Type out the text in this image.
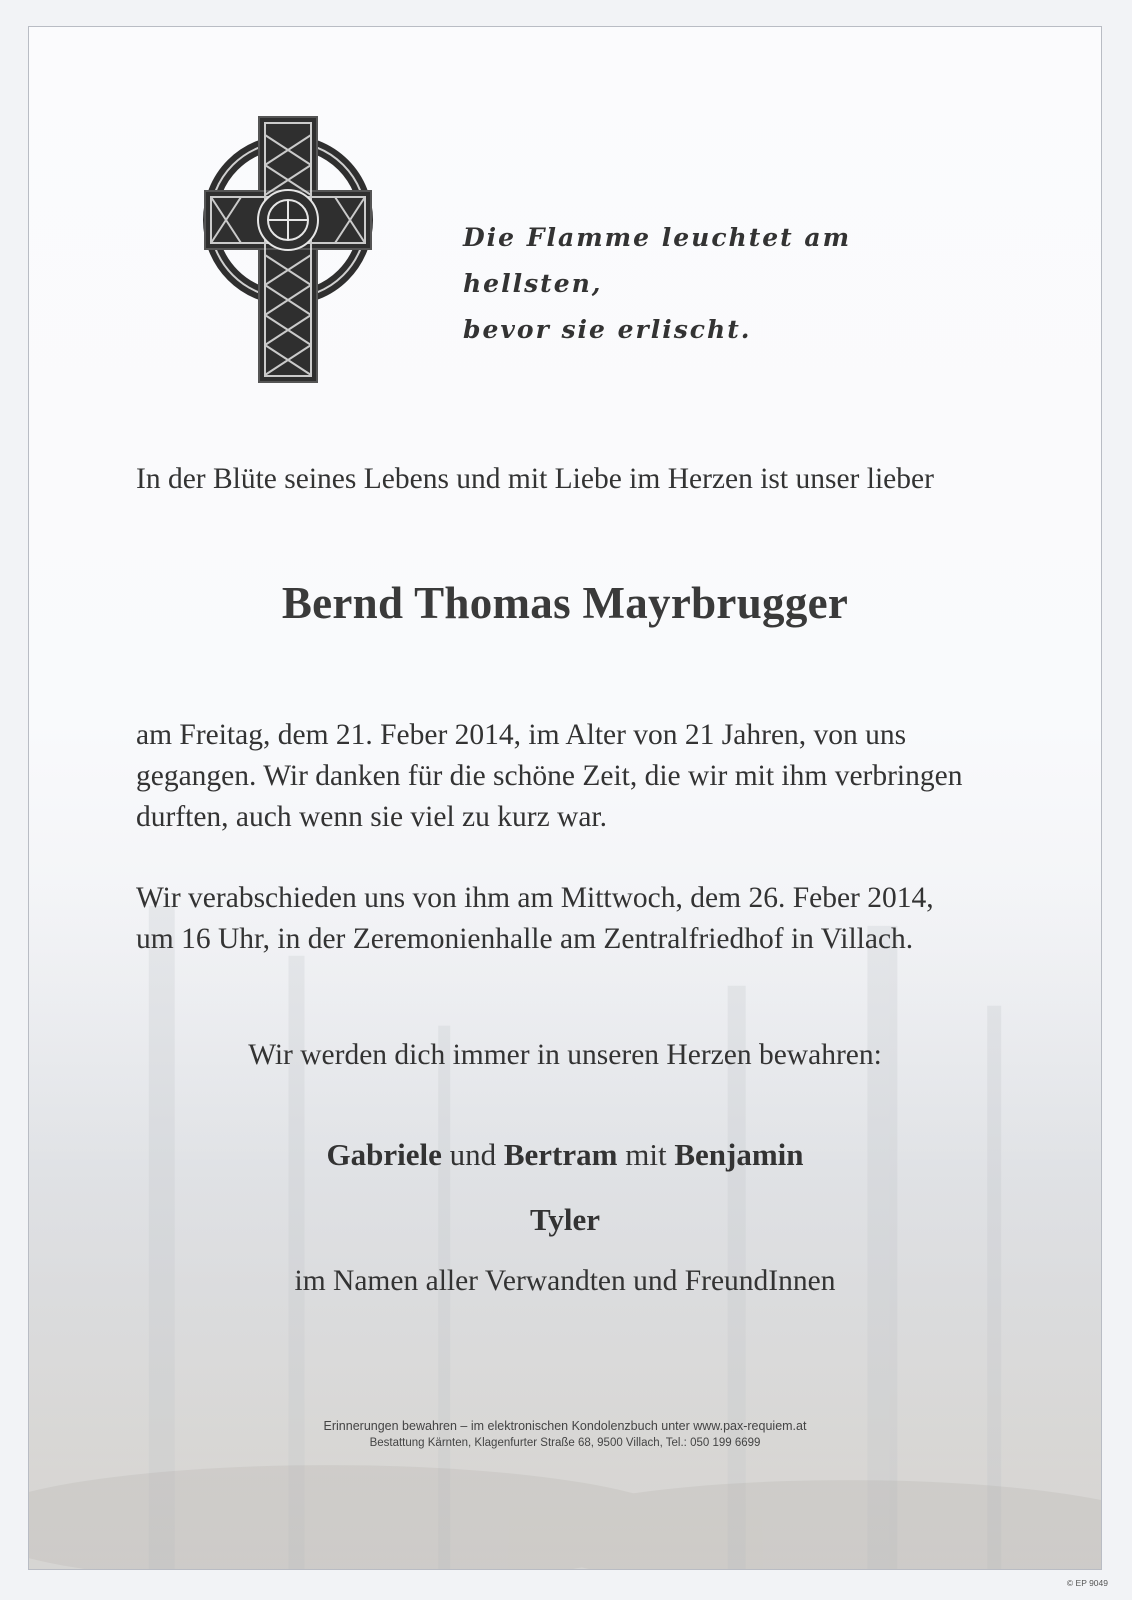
Die Flamme leuchtet am hellsten,
bevor sie erlischt.
In der Blüte seines Lebens und mit Liebe im Herzen ist unser lieber
Bernd Thomas Mayrbrugger
am Freitag, dem 21. Feber 2014, im Alter von 21 Jahren, von uns
gegangen. Wir danken für die schöne Zeit, die wir mit ihm verbringen
durften, auch wenn sie viel zu kurz war.
Wir verabschieden uns von ihm am Mittwoch, dem 26. Feber 2014,
um 16 Uhr, in der Zeremonienhalle am Zentralfriedhof in Villach.
Wir werden dich immer in unseren Herzen bewahren:
Gabriele und Bertram mit Benjamin
Tyler
im Namen aller Verwandten und FreundInnen
Erinnerungen bewahren – im elektronischen Kondolenzbuch unter www.pax-requiem.at
Bestattung Kärnten, Klagenfurter Straße 68, 9500 Villach, Tel.: 050 199 6699
© EP 9049
